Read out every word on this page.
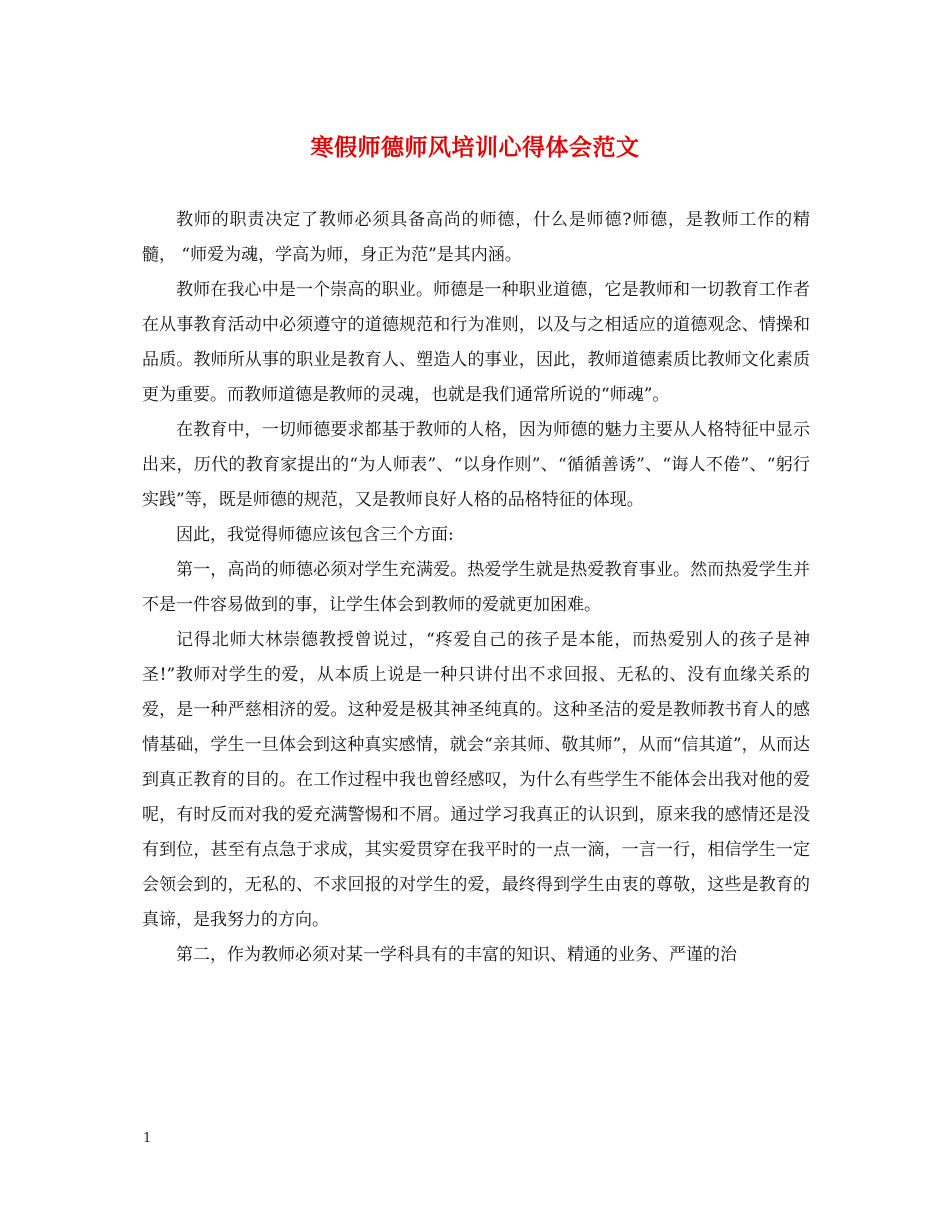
寒假师德师风培训心得体会范文

教师的职责决定了教师必须具备高尚的师德，什么是师德?师德，是教师工作的精髓， “师爱为魂，学高为师，身正为范”是其内涵。

教师在我心中是一个崇高的职业。师德是一种职业道德，它是教师和一切教育工作者在从事教育活动中必须遵守的道德规范和行为准则，以及与之相适应的道德观念、情操和品质。教师所从事的职业是教育人、塑造人的事业，因此，教师道德素质比教师文化素质更为重要。而教师道德是教师的灵魂，也就是我们通常所说的“师魂”。

在教育中，一切师德要求都基于教师的人格，因为师德的魅力主要从人格特征中显示出来，历代的教育家提出的“为人师表”、“以身作则”、“循循善诱”、“诲人不倦”、“躬行实践”等，既是师德的规范，又是教师良好人格的品格特征的体现。

因此，我觉得师德应该包含三个方面:

第一，高尚的师德必须对学生充满爱。热爱学生就是热爱教育事业。然而热爱学生并不是一件容易做到的事，让学生体会到教师的爱就更加困难。

记得北师大林崇德教授曾说过，“疼爱自己的孩子是本能，而热爱别人的孩子是神圣!”教师对学生的爱，从本质上说是一种只讲付出不求回报、无私的、没有血缘关系的爱，是一种严慈相济的爱。这种爱是极其神圣纯真的。这种圣洁的爱是教师教书育人的感情基础，学生一旦体会到这种真实感情，就会“亲其师、敬其师”，从而“信其道”，从而达到真正教育的目的。在工作过程中我也曾经感叹，为什么有些学生不能体会出我对他的爱呢，有时反而对我的爱充满警惕和不屑。通过学习我真正的认识到，原来我的感情还是没有到位，甚至有点急于求成，其实爱贯穿在我平时的一点一滴，一言一行，相信学生一定会领会到的，无私的、不求回报的对学生的爱，最终得到学生由衷的尊敬，这些是教育的真谛，是我努力的方向。

第二，作为教师必须对某一学科具有的丰富的知识、精通的业务、严谨的治

1
